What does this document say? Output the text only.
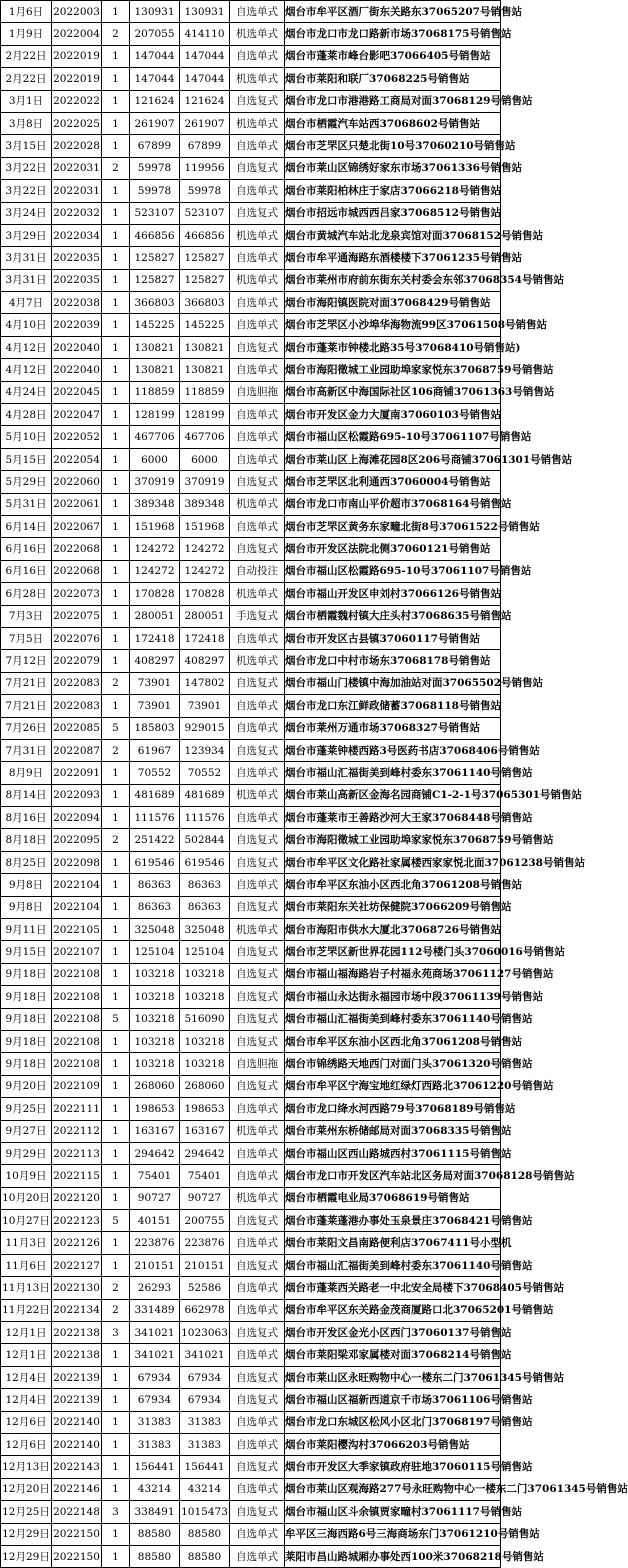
1月6日	2022003	1	130931	130931	自选单式	烟台市牟平区酒厂街东关路东37065207号销售站
1月9日	2022004	2	207055	414110	机选单式	烟台市龙口市龙口路新市场37068175号销售站
2月22日	2022019	1	147044	147044	自选单式	烟台市蓬莱市峰台影吧37066405号销售站
2月22日	2022019	1	147044	147044	机选单式	烟台市莱阳和联厂37068225号销售站
3月1日	2022022	1	121624	121624	自选复式	烟台市龙口市港港路工商局对面37068129号销售站
3月8日	2022025	1	261907	261907	机选单式	烟台市栖霞汽车站西37068602号销售站
3月15日	2022028	1	67899	67899	自选单式	烟台市芝罘区只楚北街10号37060210号销售站
3月22日	2022031	2	59978	119956	自选复式	烟台市莱山区锦绣好家东市场37061336号销售站
3月22日	2022031	1	59978	59978	自选单式	烟台市莱阳柏林庄于家店37066218号销售站
3月24日	2022032	1	523107	523107	自选复式	烟台市招远市城西西吕家37068512号销售站
3月29日	2022034	1	466856	466856	机选单式	烟台市黄城汽车站北龙泉宾馆对面37068152号销售站
3月31日	2022035	1	125827	125827	自选单式	烟台市牟平通海路东酒楼楼下37061235号销售站
3月31日	2022035	1	125827	125827	机选单式	烟台市莱州市府前东街东关村委会东邻37068354号销售站
4月7日	2022038	1	366803	366803	自选单式	烟台市海阳镇医院对面37068429号销售站
4月10日	2022039	1	145225	145225	自选单式	烟台市芝罘区小沙埠华海物流99区37061508号销售站
4月12日	2022040	1	130821	130821	自选复式	烟台市蓬莱市钟楼北路35号37068410号销售站)
4月12日	2022040	1	130821	130821	自选单式	烟台市海阳徵城工业园助埠家家悦东37068759号销售站
4月24日	2022045	1	118859	118859	自选胆拖	烟台市高新区中海国际社区106商铺37061363号销售站
4月28日	2022047	1	128199	128199	自选单式	烟台市开发区金力大厦南37060103号销售站
5月10日	2022052	1	467706	467706	自选单式	烟台市福山区松霞路695-10号37061107号销售站
5月15日	2022054	1	6000	6000	自选单式	烟台市莱山区上海滩花园8区206号商铺37061301号销售站
5月29日	2022060	1	370919	370919	自选复式	烟台市芝罘区北利通西37060004号销售站
5月31日	2022061	1	389348	389348	机选单式	烟台市龙口市南山平价超市37068164号销售站
6月14日	2022067	1	151968	151968	自选单式	烟台市芝罘区黄务东家疃北街8号37061522号销售站
6月16日	2022068	1	124272	124272	自选复式	烟台市开发区法院北侧37060121号销售站
6月16日	2022068	1	124272	124272	自动投注	烟台市福山区松霞路695-10号37061107号销售站
6月28日	2022073	1	170828	170828	机选单式	烟台市福山开发区申刘村37066126号销售站
7月3日	2022075	1	280051	280051	手选复式	烟台市栖霞魏村镇大庄头村37068635号销售站
7月5日	2022076	1	172418	172418	自选单式	烟台市开发区古县镇37060117号销售站
7月12日	2022079	1	408297	408297	机选单式	烟台市龙口中村市场东37068178号销售站
7月21日	2022083	2	73901	147802	自选复式	烟台市福山门楼镇中海加油站对面37065502号销售站
7月21日	2022083	1	73901	73901	自选单式	烟台市龙口东江鲜政储蓄37068118号销售站
7月26日	2022085	5	185803	929015	自选单式	烟台市莱州万通市场37068327号销售站
7月31日	2022087	2	61967	123934	自选复式	烟台市蓬莱钟楼西路3号医药书店37068406号销售站
8月9日	2022091	1	70552	70552	自选单式	烟台市福山汇福街美到峰村委东37061140号销售站
8月14日	2022093	1	481689	481689	机选单式	烟台市莱山高新区金海名园商铺C1-2-1号37065301号销售站
8月16日	2022094	1	111576	111576	自选单式	烟台市蓬莱市王善路沙河大王家37068448号销售站
8月18日	2022095	2	251422	502844	自选复式	烟台市海阳徵城工业园助埠家家悦东37068759号销售站
8月25日	2022098	1	619546	619546	自选复式	烟台市牟平区文化路社家属楼西家家悦北面37061238号销售站
9月8日	2022104	1	86363	86363	自选单式	烟台市牟平区东油小区西北角37061208号销售站
9月8日	2022104	1	86363	86363	自选复式	烟台市莱阳东关社坊保健院37066209号销售站
9月11日	2022105	1	325048	325048	机选单式	烟台市海阳市供水大厦北37068726号销售站
9月15日	2022107	1	125104	125104	自选复式	烟台市芝罘区新世界花园112号楼门头37060016号销售站
9月18日	2022108	1	103218	103218	自选复式	烟台市福山福海路岩子村福永苑商场37061127号销售站
9月18日	2022108	1	103218	103218	自选复式	烟台市福山永达街永福园市场中段37061139号销售站
9月18日	2022108	5	103218	516090	自选复式	烟台市福山汇福街美到峰村委东37061140号销售站
9月18日	2022108	1	103218	103218	自选复式	烟台市牟平区东油小区西北角37061208号销售站
9月18日	2022108	1	103218	103218	自选胆拖	烟台市锦绣路天地西门对面门头37061320号销售站
9月20日	2022109	1	268060	268060	自选复式	烟台市牟平区宁海宝地红绿灯西路北37061220号销售站
9月25日	2022111	1	198653	198653	自选单式	烟台市龙口绛水河西路79号37068189号销售站
9月27日	2022112	1	163167	163167	机选单式	烟台市莱州东桥储邮局对面37068335号销售站
9月29日	2022113	1	294642	294642	自选单式	烟台市福山区西山路城西村37061115号销售站
10月9日	2022115	1	75401	75401	自选单式	烟台市龙口市开发区汽车站北区务局对面37068128号销售站
10月20日	2022120	1	90727	90727	机选单式	烟台市栖霞电业局37068619号销售站
10月27日	2022123	5	40151	200755	自选复式	烟台市蓬莱蓬港办事处玉泉景庄37068421号销售站
11月3日	2022126	1	223876	223876	自选单式	烟台市莱阳文昌南路便利店37067411号小型机
11月6日	2022127	1	210151	210151	自选复式	烟台市福山汇福街美到峰村委东37061140号销售站
11月13日	2022130	2	26293	52586	自选单式	烟台市蓬莱西关路老一中北安全局楼下37068405号销售站
11月22日	2022134	2	331489	662978	自选单式	烟台市牟平区东关路金茂商厦路口北37065201号销售站
12月1日	2022138	3	341021	1023063	自选复式	烟台市开发区金光小区西门37060137号销售站
12月1日	2022138	1	341021	341021	自选单式	烟台市莱阳梁邓家属楼对面37068214号销售站
12月4日	2022139	1	67934	67934	自选复式	烟台市莱山区永旺购物中心一楼东二门37061345号销售站
12月4日	2022139	1	67934	67934	自选复式	烟台市福山区福新西道京千市场37061106号销售站
12月6日	2022140	1	31383	31383	自选单式	烟台市龙口东城区松风小区北门37068197号销售站
12月6日	2022140	1	31383	31383	自选单式	烟台市莱阳樱沟村37066203号销售站
12月13日	2022143	1	156441	156441	自选复式	烟台市开发区大季家镇政府驻地37060115号销售站
12月20日	2022146	1	43214	43214	自选单式	烟台市莱山区观海路277号永旺购物中心一楼东二门37061345号销售站
12月25日	2022148	3	338491	1015473	自选复式	烟台市福山区斗余镇贾家疃村37061117号销售站
12月29日	2022150	1	88580	88580	自选单式	牟平区三海西路6号三海商场东门37061210号销售站
12月29日	2022150	1	88580	88580	自选单式	莱阳市昌山路城厢办事处西100米37068218号销售站
